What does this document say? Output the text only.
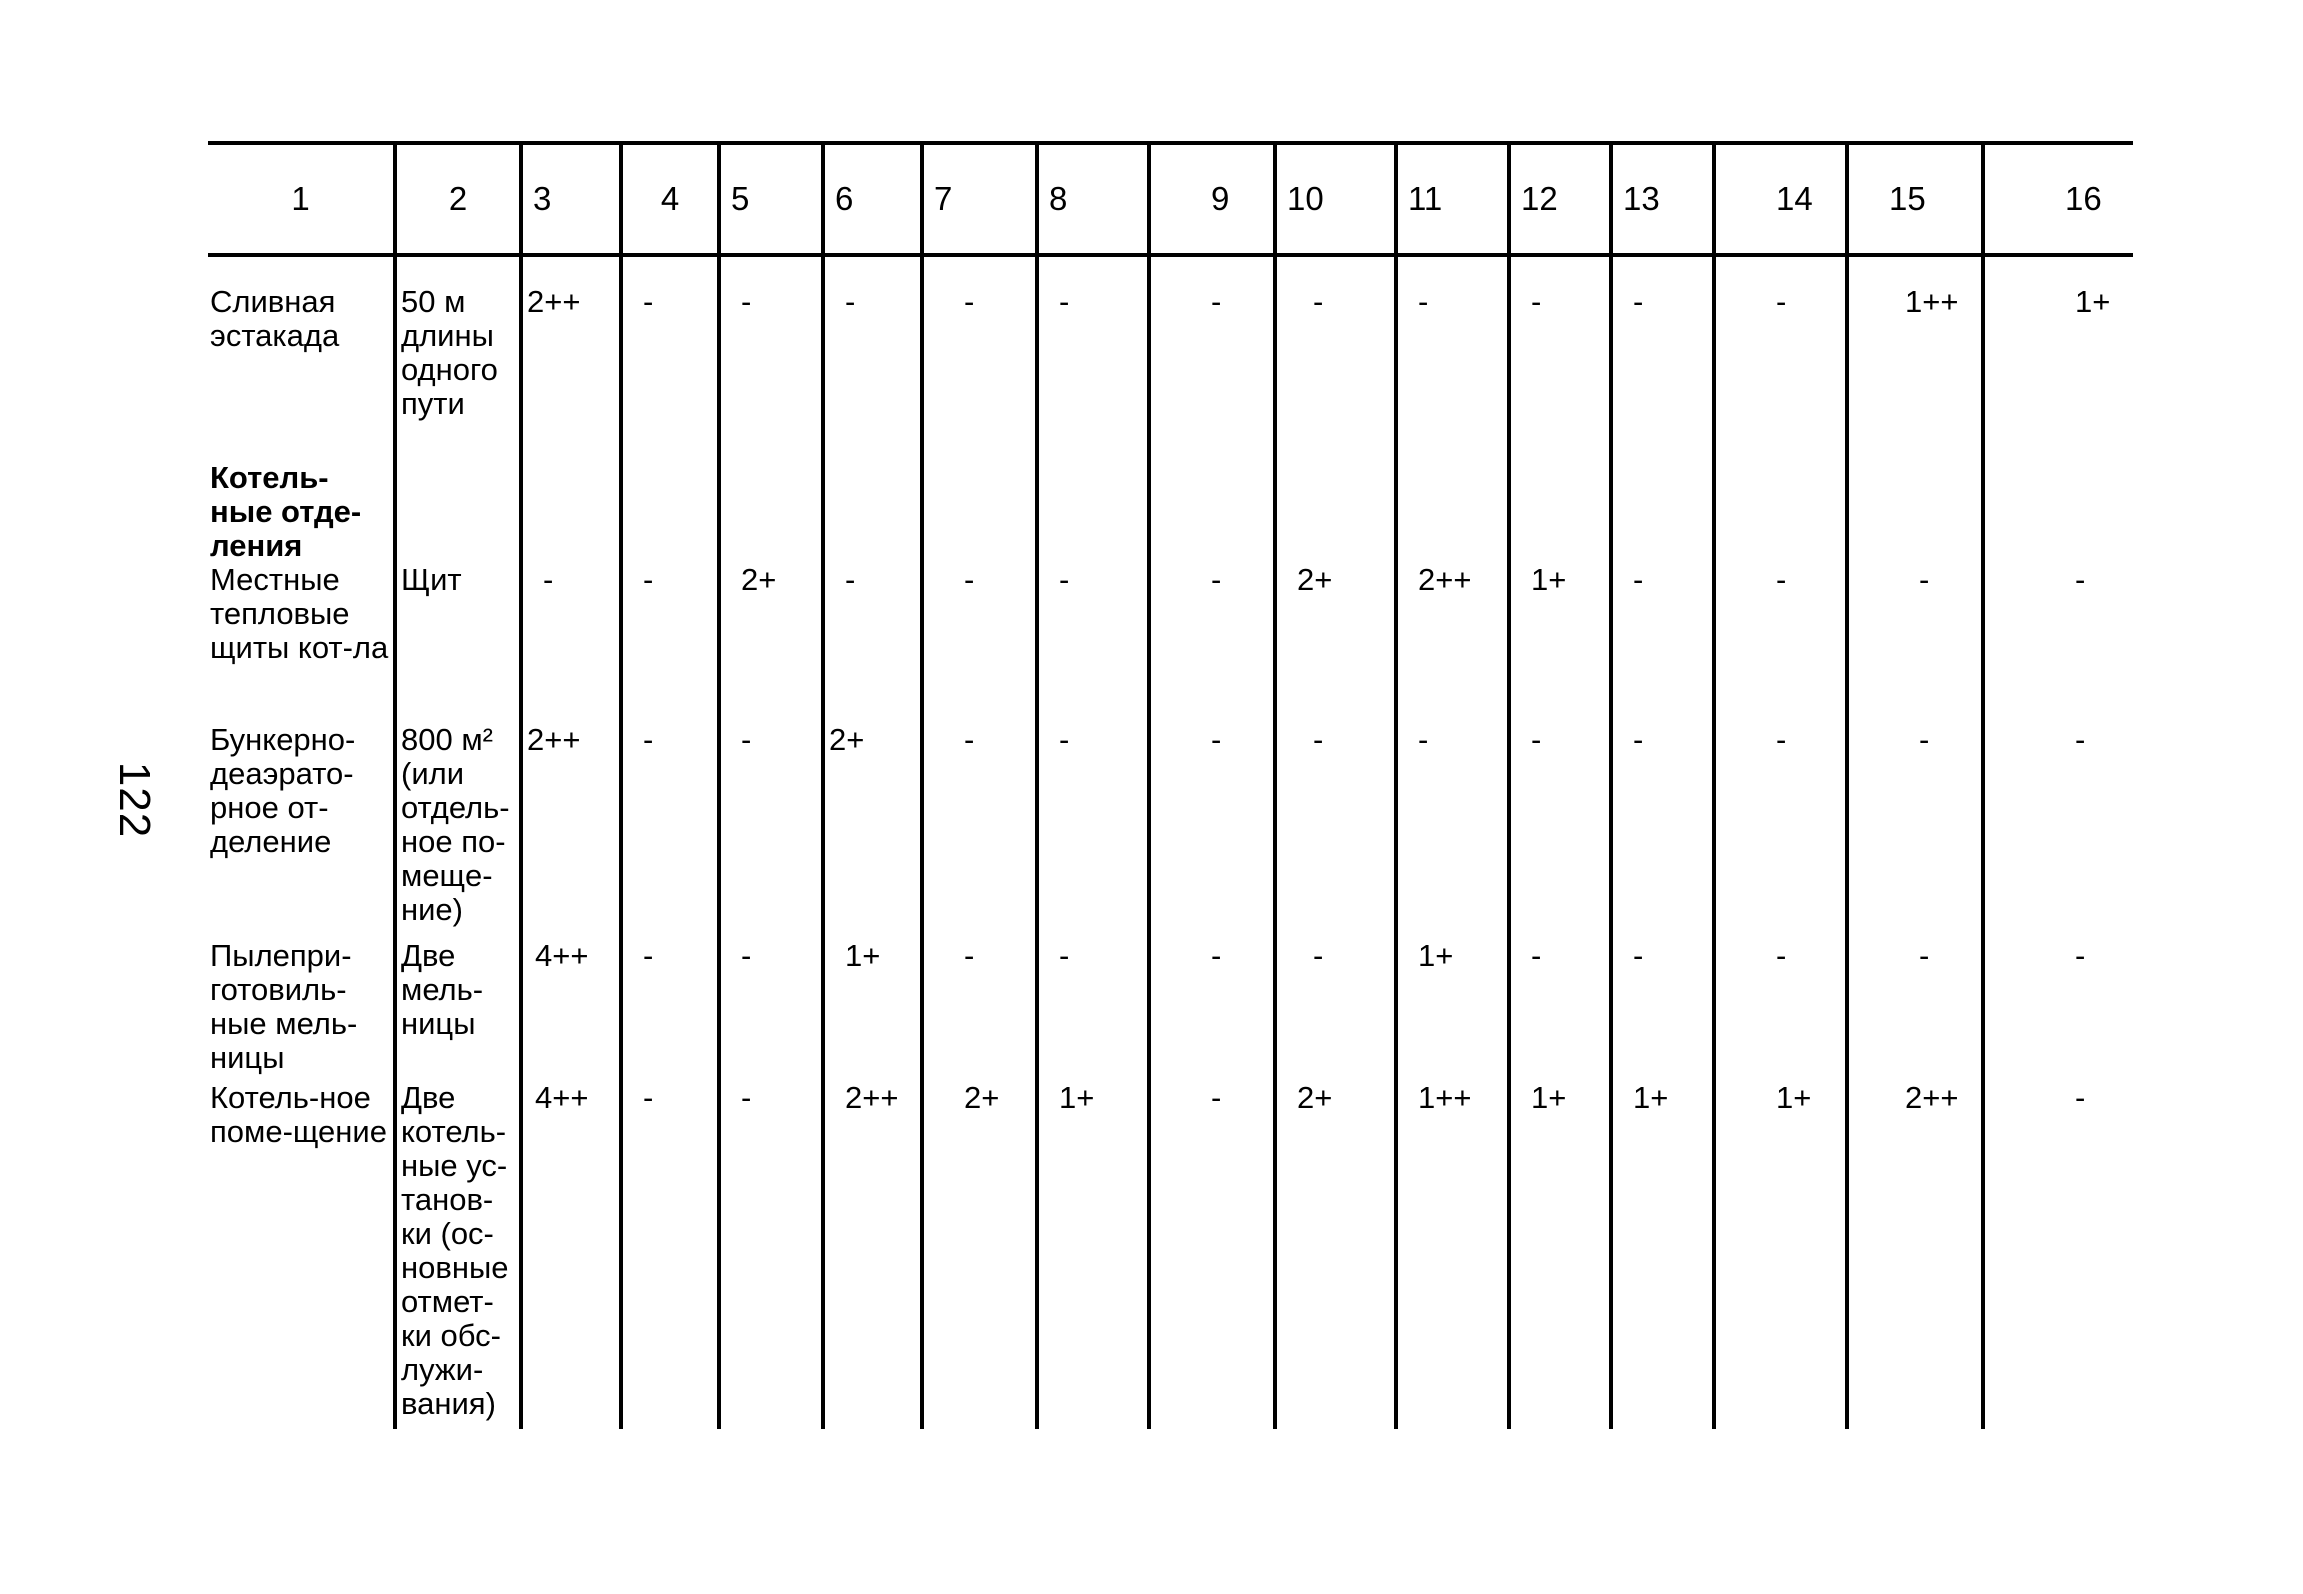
122
1	2	3	4	5	6	7	8	9	10	11	12	13	14	15	16
Сливная эстакада	50 м длины одного пути	2++	-	-	-	-	-	-	-	-	-	-	-	1++	1+
Котель-ные отде-ления															
Местные тепловые щиты кот-ла	Щит	-	-	2+	-	-	-	-	2+	2++	1+	-	-	-	-
Бункерно-деаэрато-рное от-деление	800 м² (или отдель-ное по-мещe-ние)	2++	-	-	2+	-	-	-	-	-	-	-	-	-	-
Пылепри-готовиль-ные мель-ницы	Две мель-ницы	4++	-	-	1+	-	-	-	-	1+	-	-	-	-	-
Котель-ное поме-щение	Две котель-ные ус-танов-ки (ос-новные отмет-ки обс-лужи-вания)	4++	-	-	2++	2+	1+	-	2+	1++	1+	1+	1+	2++	-
